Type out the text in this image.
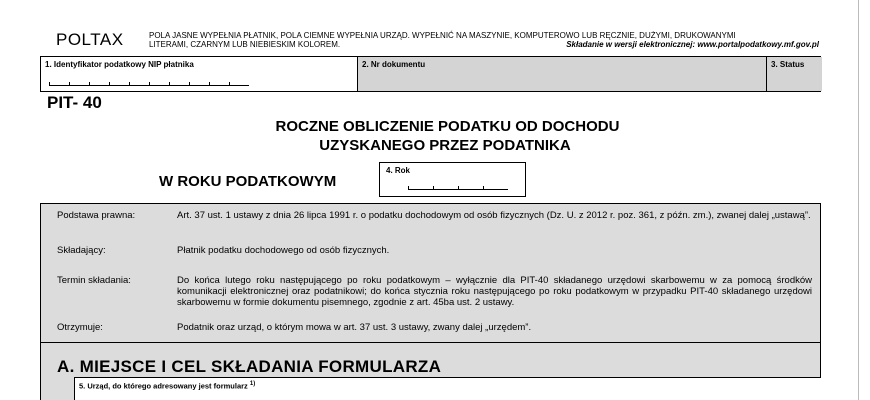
POLTAX	POLA JASNE WYPEŁNIA PŁATNIK, POLA CIEMNE WYPEŁNIA URZĄD. WYPEŁNIĆ NA MASZYNIE, KOMPUTEROWO LUB RĘCZNIE, DUŻYMI, DRUKOWANYMI
LITERAMI, CZARNYM LUB NIEBIESKIM KOLOREM.	Składanie w wersji elektronicznej: www.portalpodatkowy.mf.gov.pl
1. Identyfikator podatkowy NIP płatnika	2. Nr dokumentu	3. Status
PIT- 40
ROCZNE OBLICZENIE PODATKU OD DOCHODU
UZYSKANEGO PRZEZ PODATNIKA
W ROKU PODATKOWYM
4. Rok
Podstawa prawna:	Art. 37 ust. 1 ustawy z dnia 26 lipca 1991 r. o podatku dochodowym od osób fizycznych (Dz. U. z 2012 r. poz. 361, z późn. zm.), zwanej dalej „ustawą”.
Składający:	Płatnik podatku dochodowego od osób fizycznych.
Termin składania:	Do końca lutego roku następującego po roku podatkowym – wyłącznie dla PIT-40 składanego urzędowi skarbowemu w za pomocą środków komunikacji elektronicznej oraz podatnikowi; do końca stycznia roku następującego po roku podatkowym w przypadku PIT-40 składanego urzędowi skarbowemu w formie dokumentu pisemnego, zgodnie z art. 45ba ust. 2 ustawy.
Otrzymuje:	Podatnik oraz urząd, o którym mowa w art. 37 ust. 3 ustawy, zwany dalej „urzędem”.
A. MIEJSCE I CEL SKŁADANIA FORMULARZA
5. Urząd, do którego adresowany jest formularz $^{1)}$
